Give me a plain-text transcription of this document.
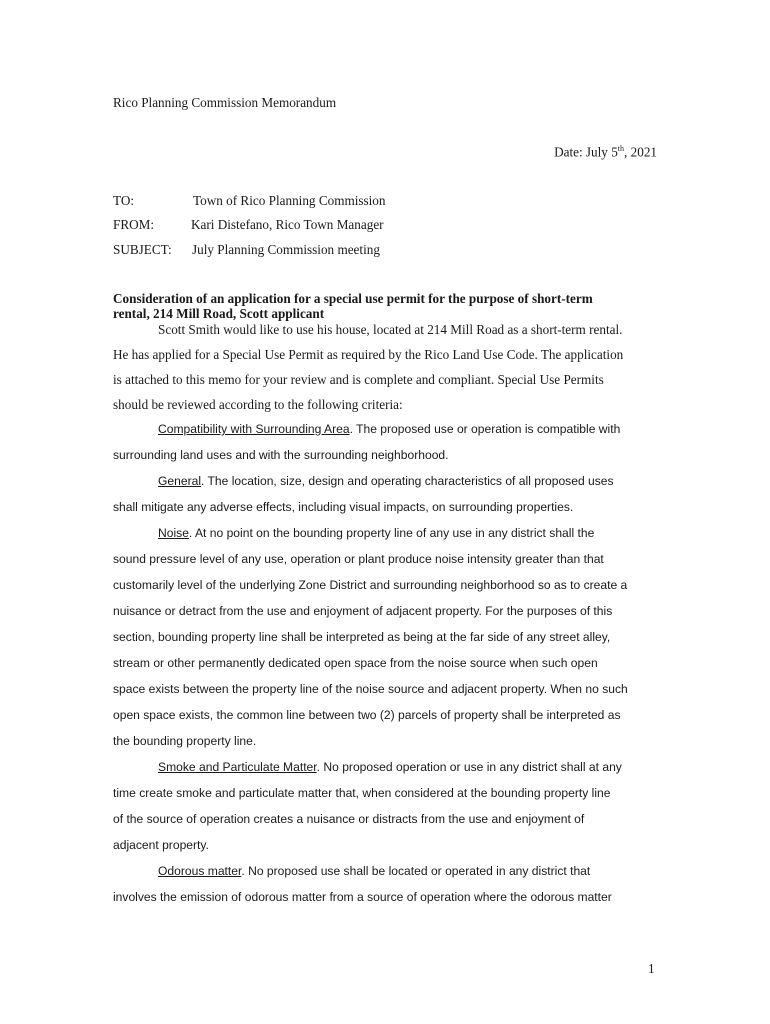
Rico Planning Commission Memorandum
Date: July 5th, 2021
TO:	Town of Rico Planning Commission
FROM:	Kari Distefano, Rico Town Manager
SUBJECT: July Planning Commission meeting
Consideration of an application for a special use permit for the purpose of short-term
rental, 214 Mill Road, Scott applicant
Scott Smith would like to use his house, located at 214 Mill Road as a short-term rental.
He has applied for a Special Use Permit as required by the Rico Land Use Code. The application
is attached to this memo for your review and is complete and compliant. Special Use Permits
should be reviewed according to the following criteria:
Compatibility with Surrounding Area. The proposed use or operation is compatible with
surrounding land uses and with the surrounding neighborhood.
General. The location, size, design and operating characteristics of all proposed uses
shall mitigate any adverse effects, including visual impacts, on surrounding properties.
Noise. At no point on the bounding property line of any use in any district shall the
sound pressure level of any use, operation or plant produce noise intensity greater than that
customarily level of the underlying Zone District and surrounding neighborhood so as to create a
nuisance or detract from the use and enjoyment of adjacent property. For the purposes of this
section, bounding property line shall be interpreted as being at the far side of any street alley,
stream or other permanently dedicated open space from the noise source when such open
space exists between the property line of the noise source and adjacent property. When no such
open space exists, the common line between two (2) parcels of property shall be interpreted as
the bounding property line.
Smoke and Particulate Matter. No proposed operation or use in any district shall at any
time create smoke and particulate matter that, when considered at the bounding property line
of the source of operation creates a nuisance or distracts from the use and enjoyment of
adjacent property.
Odorous matter. No proposed use shall be located or operated in any district that
involves the emission of odorous matter from a source of operation where the odorous matter
1
